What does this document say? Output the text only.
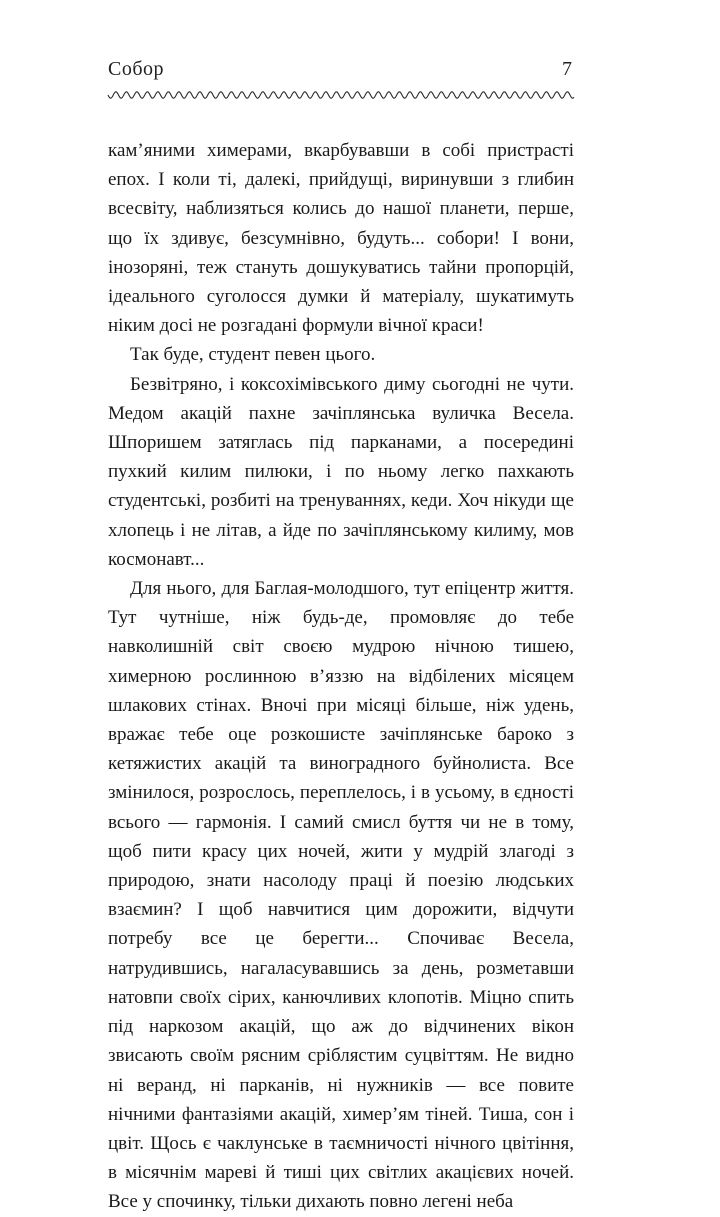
Собор	7

кам’яними химерами, вкарбувавши в собі пристрасті епох. І коли ті, далекі, прийдущі, виринувши з глибин всесвіту, наблизяться колись до нашої планети, перше, що їх здивує, безсумнівно, будуть... собори! І вони, інозоряні, теж стануть дошукуватись тайни пропорцій, ідеального суголосся думки й матеріалу, шукатимуть ніким досі не розгадані формули вічної краси!

Так буде, студент певен цього.

Безвітряно, і коксохімівського диму сьогодні не чути. Медом акацій пахне зачіплянська вуличка Весела. Шпоришем затяглась під парканами, а посередині пухкий килим пилюки, і по ньому легко пахкають студентські, розбиті на тренуваннях, кеди. Хоч нікуди ще хлопець і не літав, а йде по зачіплянському килиму, мов космонавт...

Для нього, для Баглая-молодшого, тут епіцентр життя. Тут чутніше, ніж будь-де, промовляє до тебе навколишній світ своєю мудрою нічною тишею, химерною рослинною в’яззю на відбілених місяцем шлакових стінах. Вночі при місяці більше, ніж удень, вражає тебе оце розкошисте зачіплянське бароко з кетяжистих акацій та виноградного буйнолиста. Все змінилося, розрослось, переплелось, і в усьому, в єдності всього — гармонія. І самий смисл буття чи не в тому, щоб пити красу цих ночей, жити у мудрій злагоді з природою, знати насолоду праці й поезію людських взаємин? І щоб навчитися цим дорожити, відчути потребу все це берегти... Спочиває Весела, натрудившись, нагаласувавшись за день, розметавши натовпи своїх сірих, канючливих клопотів. Міцно спить під наркозом акацій, що аж до відчинених вікон звисають своїм рясним сріблястим суцвіттям. Не видно ні веранд, ні парканів, ні нужників — все повите нічними фантазіями акацій, химер’ям тіней. Тиша, сон і цвіт. Щось є чаклунське в таємничості нічного цвітіння, в місячнім мареві й тиші цих світлих акацієвих ночей. Все у спочинку, тільки дихають повно легені неба
